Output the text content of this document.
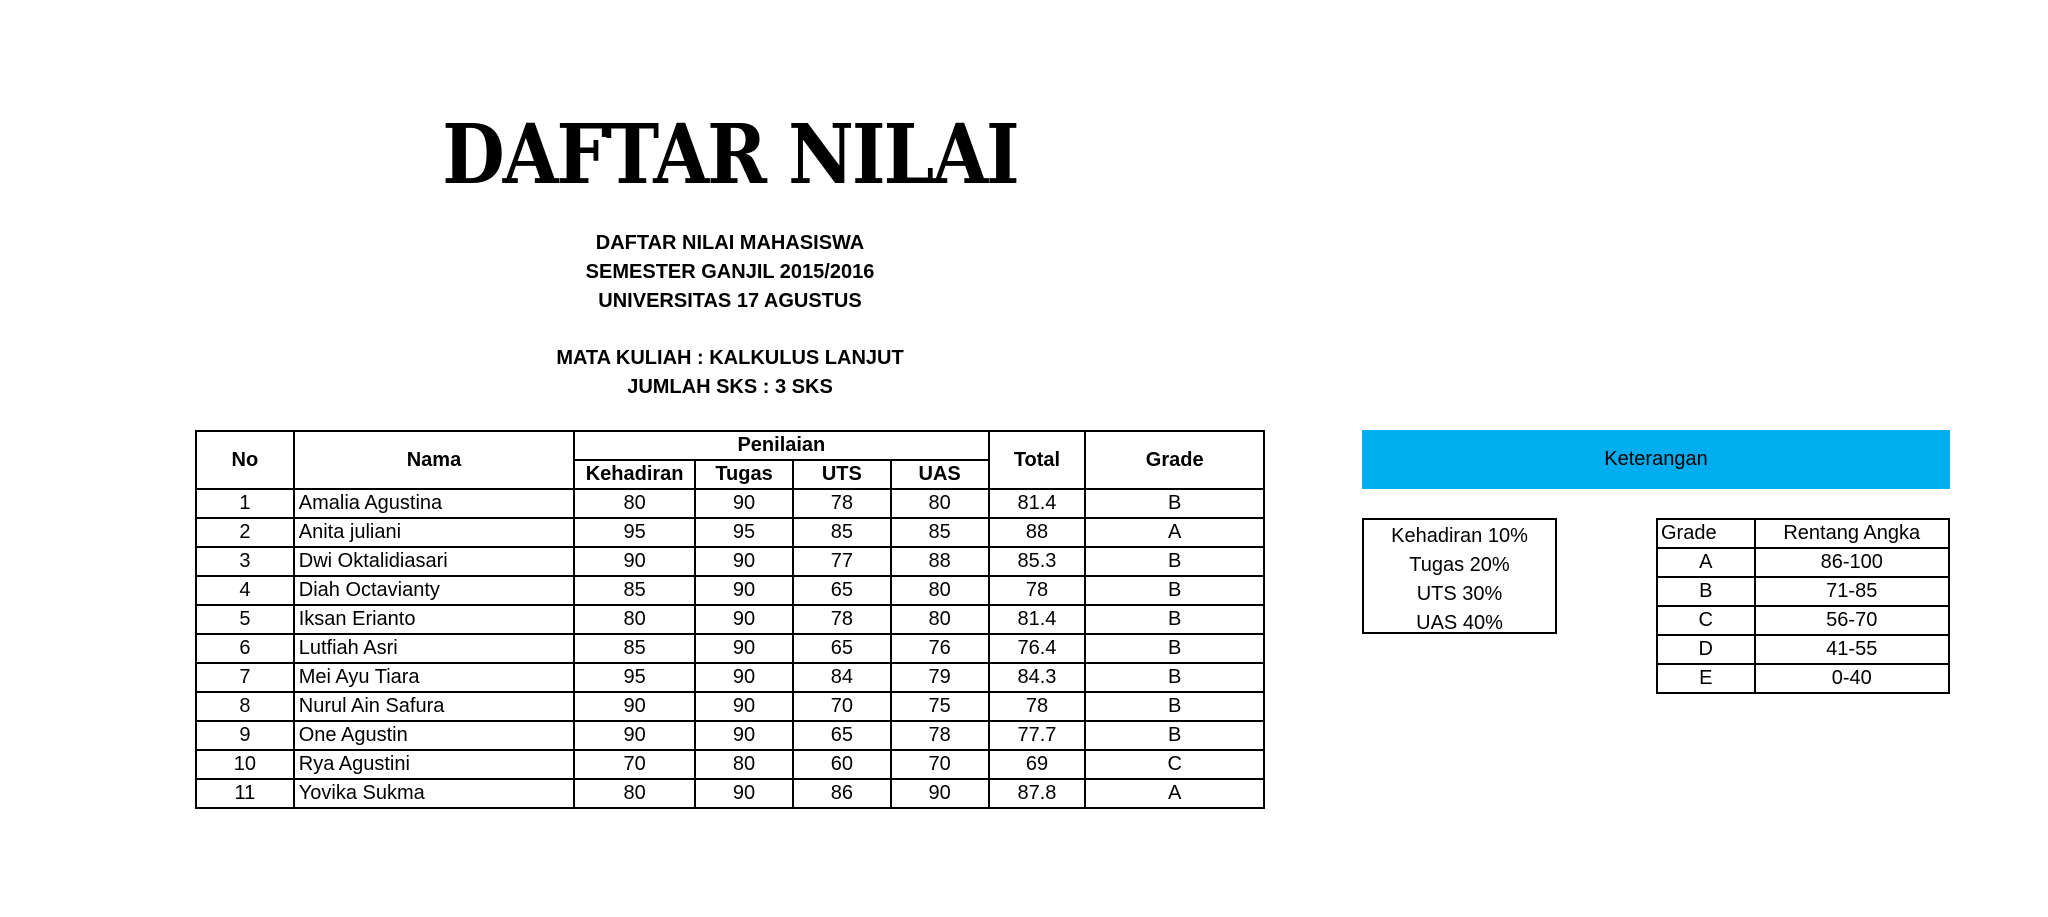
DAFTAR NILAI
DAFTAR NILAI MAHASISWA
SEMESTER GANJIL 2015/2016
UNIVERSITAS 17 AGUSTUS
MATA KULIAH : KALKULUS LANJUT
JUMLAH SKS : 3 SKS
No	Nama	Penilaian				Total	Grade
		Kehadiran	Tugas	UTS	UAS		
1	Amalia Agustina	80	90	78	80	81.4	B
2	Anita juliani	95	95	85	85	88	A
3	Dwi Oktalidiasari	90	90	77	88	85.3	B
4	Diah Octavianty	85	90	65	80	78	B
5	Iksan Erianto	80	90	78	80	81.4	B
6	Lutfiah Asri	85	90	65	76	76.4	B
7	Mei Ayu Tiara	95	90	84	79	84.3	B
8	Nurul Ain Safura	90	90	70	75	78	B
9	One Agustin	90	90	65	78	77.7	B
10	Rya Agustini	70	80	60	70	69	C
11	Yovika Sukma	80	90	86	90	87.8	A
Keterangan
Kehadiran 10%
Tugas 20%
UTS 30%
UAS 40%
Grade	Rentang Angka
A	86-100
B	71-85
C	56-70
D	41-55
E	0-40
